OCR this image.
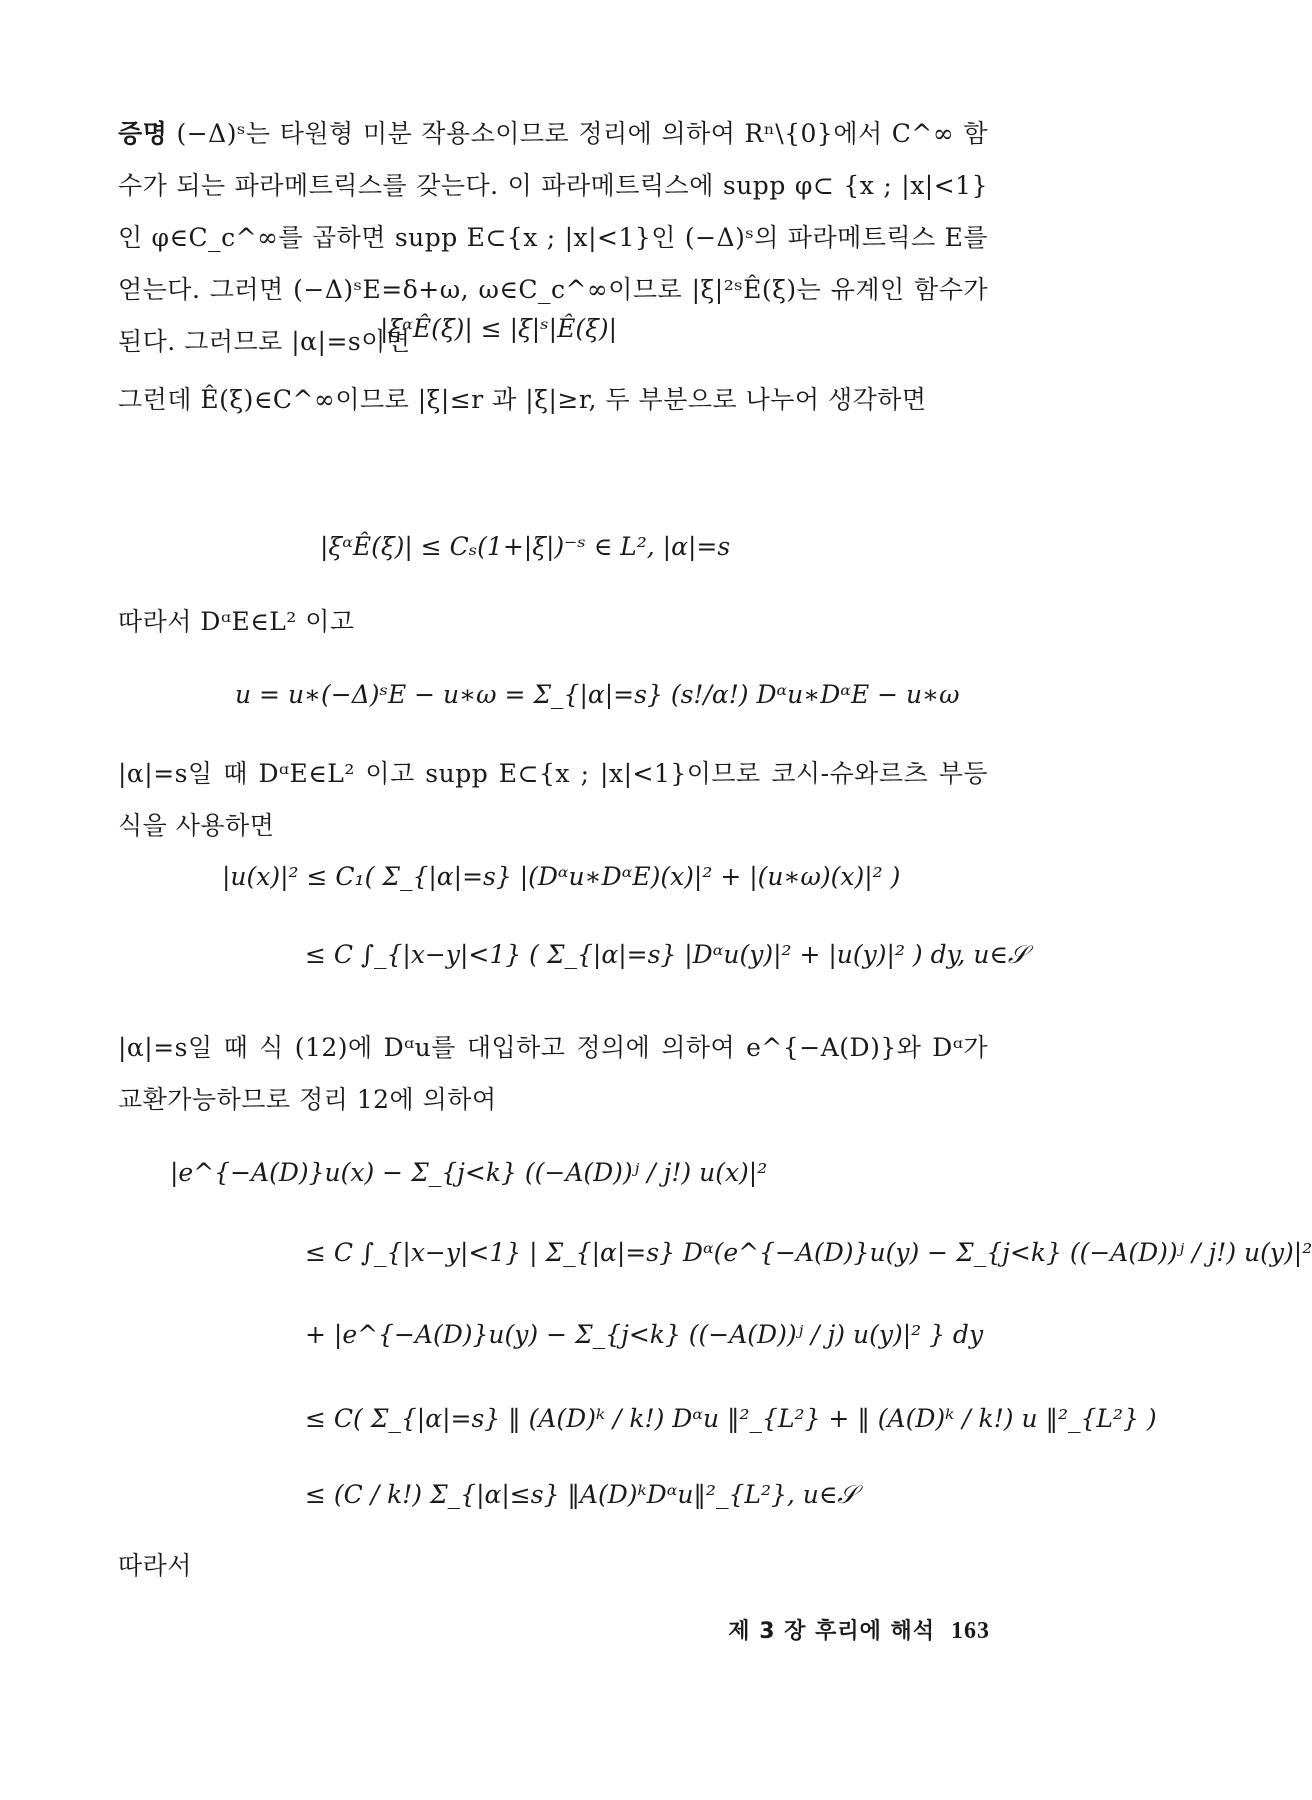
증명 (−Δ)ˢ는 타원형 미분 작용소이므로 정리에 의하여 Rⁿ\{0}에서 C^∞ 함수가 되는 파라메트릭스를 갖는다. 이 파라메트릭스에 supp φ⊂ {x ; |x|<1}인 φ∈C_c^∞를 곱하면 supp E⊂{x ; |x|<1}인 (−Δ)ˢ의 파라메트릭스 E를 얻는다. 그러면 (−Δ)ˢE=δ+ω, ω∈C_c^∞이므로 |ξ|²ˢÊ(ξ)는 유계인 함수가 된다. 그러므로 |α|=s이면
|ξᵅÊ(ξ)| ≤ |ξ|ˢ|Ê(ξ)|
그런데 Ê(ξ)∈C^∞이므로 |ξ|≤r 과 |ξ|≥r, 두 부분으로 나누어 생각하면
|ξᵅÊ(ξ)| ≤ Cₛ(1+|ξ|)⁻ˢ ∈ L², |α|=s
따라서 DᵅE∈L² 이고
u = u∗(−Δ)ˢE − u∗ω = Σ_{|α|=s} (s!/α!) Dᵅu∗DᵅE − u∗ω
|α|=s일 때 DᵅE∈L² 이고 supp E⊂{x ; |x|<1}이므로 코시-슈와르츠 부등식을 사용하면
|u(x)|² ≤ C₁( Σ_{|α|=s} |(Dᵅu∗DᵅE)(x)|² + |(u∗ω)(x)|² )
≤ C ∫_{|x−y|<1} ( Σ_{|α|=s} |Dᵅu(y)|² + |u(y)|² ) dy, u∈𝒮
|α|=s일 때 식 (12)에 Dᵅu를 대입하고 정의에 의하여 e^{−A(D)}와 Dᵅ가 교환가능하므로 정리 12에 의하여
|e^{−A(D)}u(x) − Σ_{j<k} ((−A(D))ʲ / j!) u(x)|²
≤ C ∫_{|x−y|<1} | Σ_{|α|=s} Dᵅ(e^{−A(D)}u(y) − Σ_{j<k} ((−A(D))ʲ / j!) u(y)|²
+ |e^{−A(D)}u(y) − Σ_{j<k} ((−A(D))ʲ / j) u(y)|² } dy
≤ C( Σ_{|α|=s} ‖ (A(D)ᵏ / k!) Dᵅu ‖²_{L²} + ‖ (A(D)ᵏ / k!) u ‖²_{L²} )
≤ (C / k!) Σ_{|α|≤s} ‖A(D)ᵏDᵅu‖²_{L²}, u∈𝒮
따라서
제 3 장 후리에 해석 163
